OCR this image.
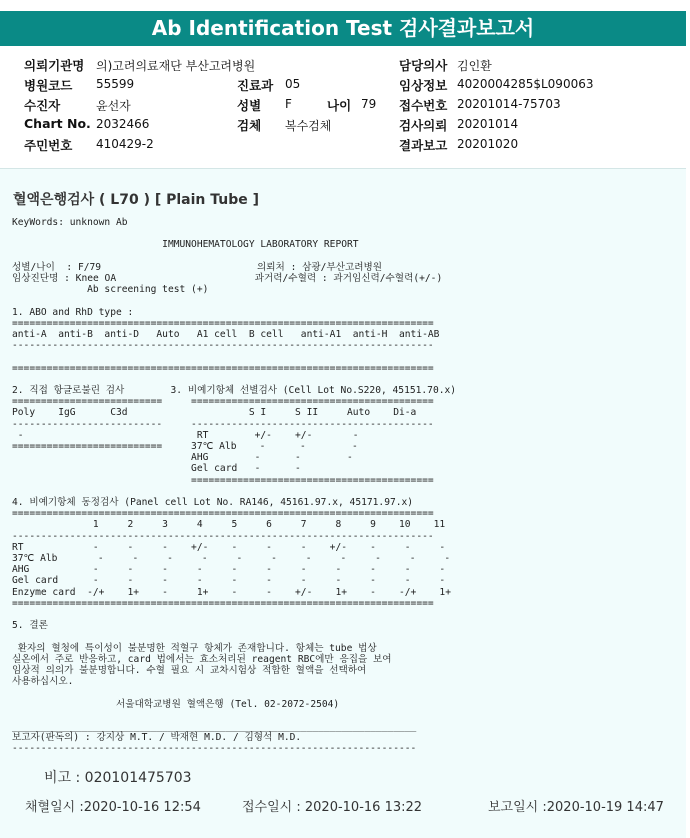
Ab Identification Test 검사결과보고서
의뢰기관명 의)고려의료재단 부산고려병원	담당의사 김인환
병원코드 55599	진료과 05	임상정보 4020004285$L090063
수진자	윤선자	성별 F	나이 79 접수번호 20201014-75703
Chart No. 2032466	검체 복수검체	검사의뢰 20201014
주민번호 410429-2	결과보고 20201020
혈액은행검사 ( L70 ) [ Plain Tube ]
KeyWords: unknown Ab
IMMUNOHEMATOLOGY LABORATORY REPORT
성별/나이  : F/79                           의뢰처 : 삼광/부산고려병원
임상진단명 : Knee OA                        과거력/수혈력 : 과거임신력/수혈력(+/-)
Ab screening test (+)
1. ABO and RhD type :
=========================================================================
anti-A  anti-B  anti-D   Auto   A1 cell  B cell   anti-A1  anti-H  anti-AB
-------------------------------------------------------------------------
=========================================================================
2. 직접 항글로불린 검사        3. 비예기항체 선별검사 (Cell Lot No.S220, 45151.70.x)
==========================     ==========================================
Poly    IgG      C3d                     S I     S II     Auto    Di-a
--------------------------     ------------------------------------------
-                              RT        +/-    +/-       -
==========================     37℃ Alb    -      -        -
AHG        -      -        -
Gel card   -      -
==========================================
4. 비예기항체 동정검사 (Panel cell Lot No. RA146, 45161.97.x, 45171.97.x)
=========================================================================
1     2     3     4     5     6     7     8     9    10    11
-------------------------------------------------------------------------
RT            -     -     -    +/-    -     -     -    +/-    -     -     -
37℃ Alb       -     -     -     -     -     -     -     -     -     -     -
AHG           -     -     -     -     -     -     -     -     -     -     -
Gel card      -     -     -     -     -     -     -     -     -     -     -
Enzyme card  -/+    1+    -     1+    -     -    +/-    1+    -    -/+    1+
=========================================================================
5. 결론
환자의 혈청에 특이성이 불분명한 적혈구 항체가 존재합니다. 항체는 tube 법상
실온에서 주로 반응하고, card 법에서는 효소처리된 reagent RBC에만 응집을 보여
임상적 의의가 불분명합니다. 수혈 필요 시 교차시험상 적합한 혈액을 선택하여
사용하십시오.
서울대학교병원 혈액은행 (Tel. 02-2072-2504)
______________________________________________________________________
보고자(판독의) : 강지상 M.T. / 박재현 M.D. / 김형석 M.D.
----------------------------------------------------------------------
비고 : 020101475703
채혈일시 :2020-10-16 12:54	접수일시 : 2020-10-16 13:22	보고일시 :2020-10-19 14:47
